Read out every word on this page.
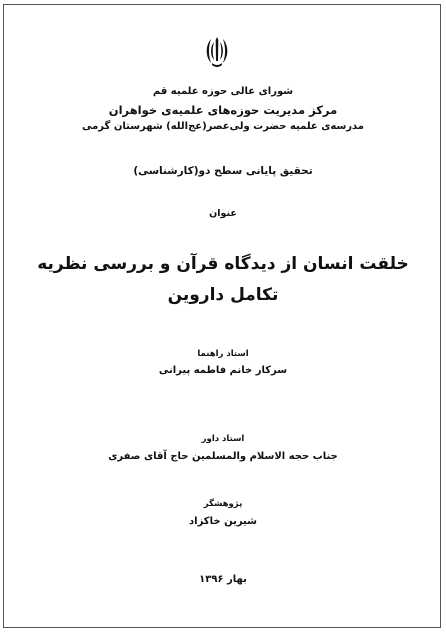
شورای عالی حوزه علمیه قم
مرکز مدیریت حوزه‌های علمیه‌ی خواهران
مدرسه‌ی علمیه حضرت ولی‌عصر(عج‌الله) شهرستان گرمی
تحقیق پایانی سطح دو(کارشناسی)
عنوان
خلقت انسان از دیدگاه قرآن و بررسی نظریه
تکامل داروین
استاد راهنما
سرکار خانم فاطمه پیرانی
استاد داور
جناب حجه الاسلام والمسلمین حاج آقای صفری
پژوهشگر
شیرین خاکزاد
بهار ۱۳۹۶
